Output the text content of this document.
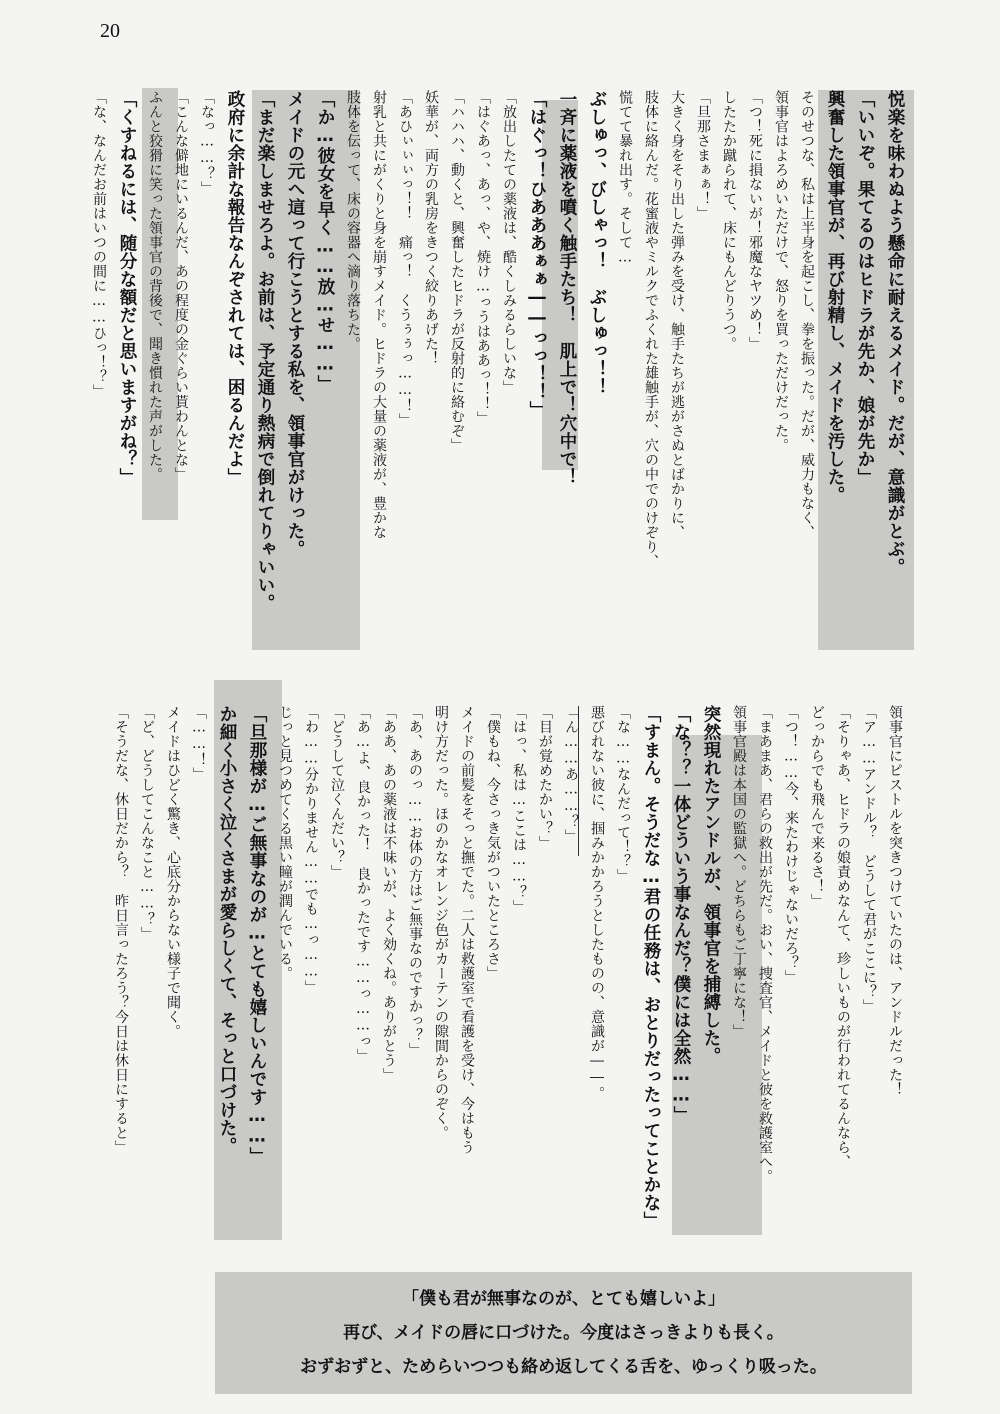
20

悦楽を味わぬよう懸命に耐えるメイド。だが、意識がとぶ。

「いいぞ。果てるのはヒドラが先か、娘が先か」

興奮した領事官が、再び射精し、メイドを汚した。

そのせつな、私は上半身を起こし、拳を振った。だが、威力もなく、

領事官はよろめいただけで、怒りを買っただけだった。

「つ！死に損ないが！邪魔なヤツめ！」

したたか蹴られて、床にもんどりうつ。

「旦那さまぁぁ！」

大きく身をそり出した弾みを受け、触手たちが逃がさぬとばかりに、

肢体に絡んだ。花蜜液やミルクでふくれた雄触手が、穴の中でのけぞり、

慌てて暴れ出す。そして…

ぶしゅっ、びしゃっ！　ぶしゅっ！！

一斉に薬液を噴く触手たち！　肌上で！穴中で！

「はぐっ！ひあああぁぁ――っっ！！」

「放出したての薬液は、酷くしみるらしいな」

「はぐあっ、あっ、や、焼け…っうはああっ！！」

「ハハハ、動くと、興奮したヒドラが反射的に絡むぞ」

妖華が、両方の乳房をきつく絞りあげた！

「あひぃぃぃっ！！　痛っ！　くうぅぅっ……！」

射乳と共にがくりと身を崩すメイド。ヒドラの大量の薬液が、豊かな

肢体を伝って、床の容器へ滴り落ちた。

「か…彼女を早く……放…せ……」

メイドの元へ這って行こうとする私を、領事官がけった。

「まだ楽しませろよ。お前は、予定通り熱病で倒れてりゃいい。

政府に余計な報告なんぞされては、困るんだよ」

「なっ……？」

「こんな僻地にいるんだ、あの程度の金ぐらい貰わんとな」

ふんと狡猾に笑った領事官の背後で、聞き慣れた声がした。

「くすねるには、随分な額だと思いますがね？」

「な、なんだお前はいつの間に……ひっ！？」

領事官にピストルを突きつけていたのは、アンドルだった！

「ア……アンドル？　どうして君がここに？」

「そりゃあ、ヒドラの娘責めなんて、珍しいものが行われてるんなら、

どっからでも飛んで来るさ！」

「つ！……今、来たわけじゃないだろ？」

「まあまあ、君らの救出が先だ。おい、捜査官、メイドと彼を救護室へ。

領事官殿は本国の監獄へ。どちらもご丁寧にな！」

突然現れたアンドルが、領事官を捕縛した。

「な？？一体どういう事なんだ？僕には全然……」

「すまん。そうだな…君の任務は、おとりだったってことかな」

「な……なんだって！？」

悪びれない彼に、掴みかかろうとしたものの、意識が――。

「ん……あ……？」

「目が覚めたかい？」

「はっ、私は…ここは……？」

「僕もね、今さっき気がついたところさ」

メイドの前髪をそっと撫でた。二人は救護室で看護を受け、今はもう

明け方だった。ほのかなオレンジ色がカーテンの隙間からのぞく。

「あ、あのっ……お体の方はご無事なのですかっ？」

「ああ、あの薬液は不味いが、よく効くね。ありがとう」

「あ…よ、良かった！　良かったです……っ……っ」

「どうして泣くんだい？」

「わ……分かりません……でも…っ……」

じっと見つめてくる黒い瞳が潤んでいる。

「旦那様が…ご無事なのが…とても嬉しいんです……」

か細く小さく泣くさまが愛らしくて、そっと口づけた。

「……！」

メイドはひどく驚き、心底分からない様子で聞く。

「ど、どうしてこんなこと……？」

「そうだな、休日だから？　昨日言ったろう？今日は休日にすると」

「僕も君が無事なのが、とても嬉しいよ」
再び、メイドの唇に口づけた。今度はさっきよりも長く。
おずおずと、ためらいつつも絡め返してくる舌を、ゆっくり吸った。
